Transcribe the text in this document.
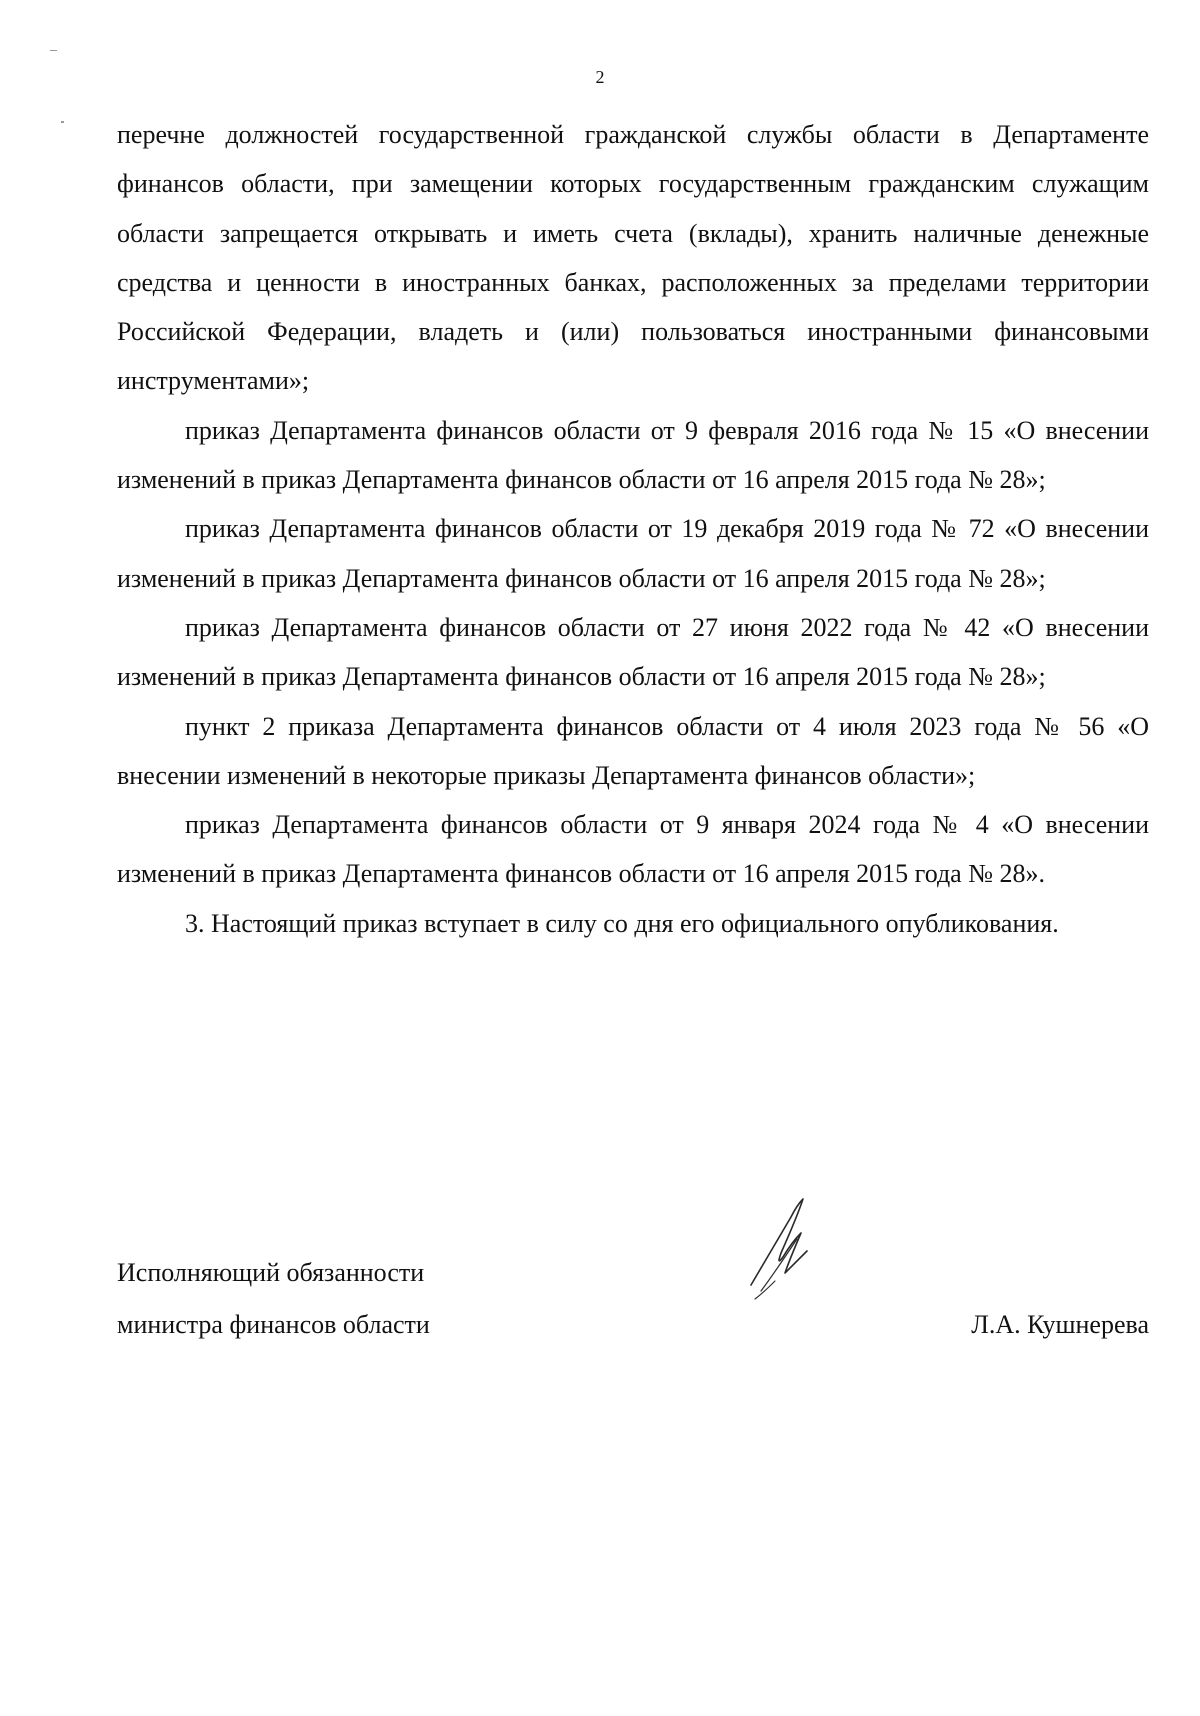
2

перечне должностей государственной гражданской службы области в Департаменте финансов области, при замещении которых государственным гражданским служащим области запрещается открывать и иметь счета (вклады), хранить наличные денежные средства и ценности в иностранных банках, расположенных за пределами территории Российской Федерации, владеть и (или) пользоваться иностранными финансовыми инструментами»;

приказ Департамента финансов области от 9 февраля 2016 года № 15 «О внесении изменений в приказ Департамента финансов области от 16 апреля 2015 года № 28»;

приказ Департамента финансов области от 19 декабря 2019 года № 72 «О внесении изменений в приказ Департамента финансов области от 16 апреля 2015 года № 28»;

приказ Департамента финансов области от 27 июня 2022 года № 42 «О внесении изменений в приказ Департамента финансов области от 16 апреля 2015 года № 28»;

пункт 2 приказа Департамента финансов области от 4 июля 2023 года № 56 «О внесении изменений в некоторые приказы Департамента финансов области»;

приказ Департамента финансов области от 9 января 2024 года № 4 «О внесении изменений в приказ Департамента финансов области от 16 апреля 2015 года № 28».

3. Настоящий приказ вступает в силу со дня его официального опубликования.

Исполняющий обязанности
министра финансов области	Л.А. Кушнерева
